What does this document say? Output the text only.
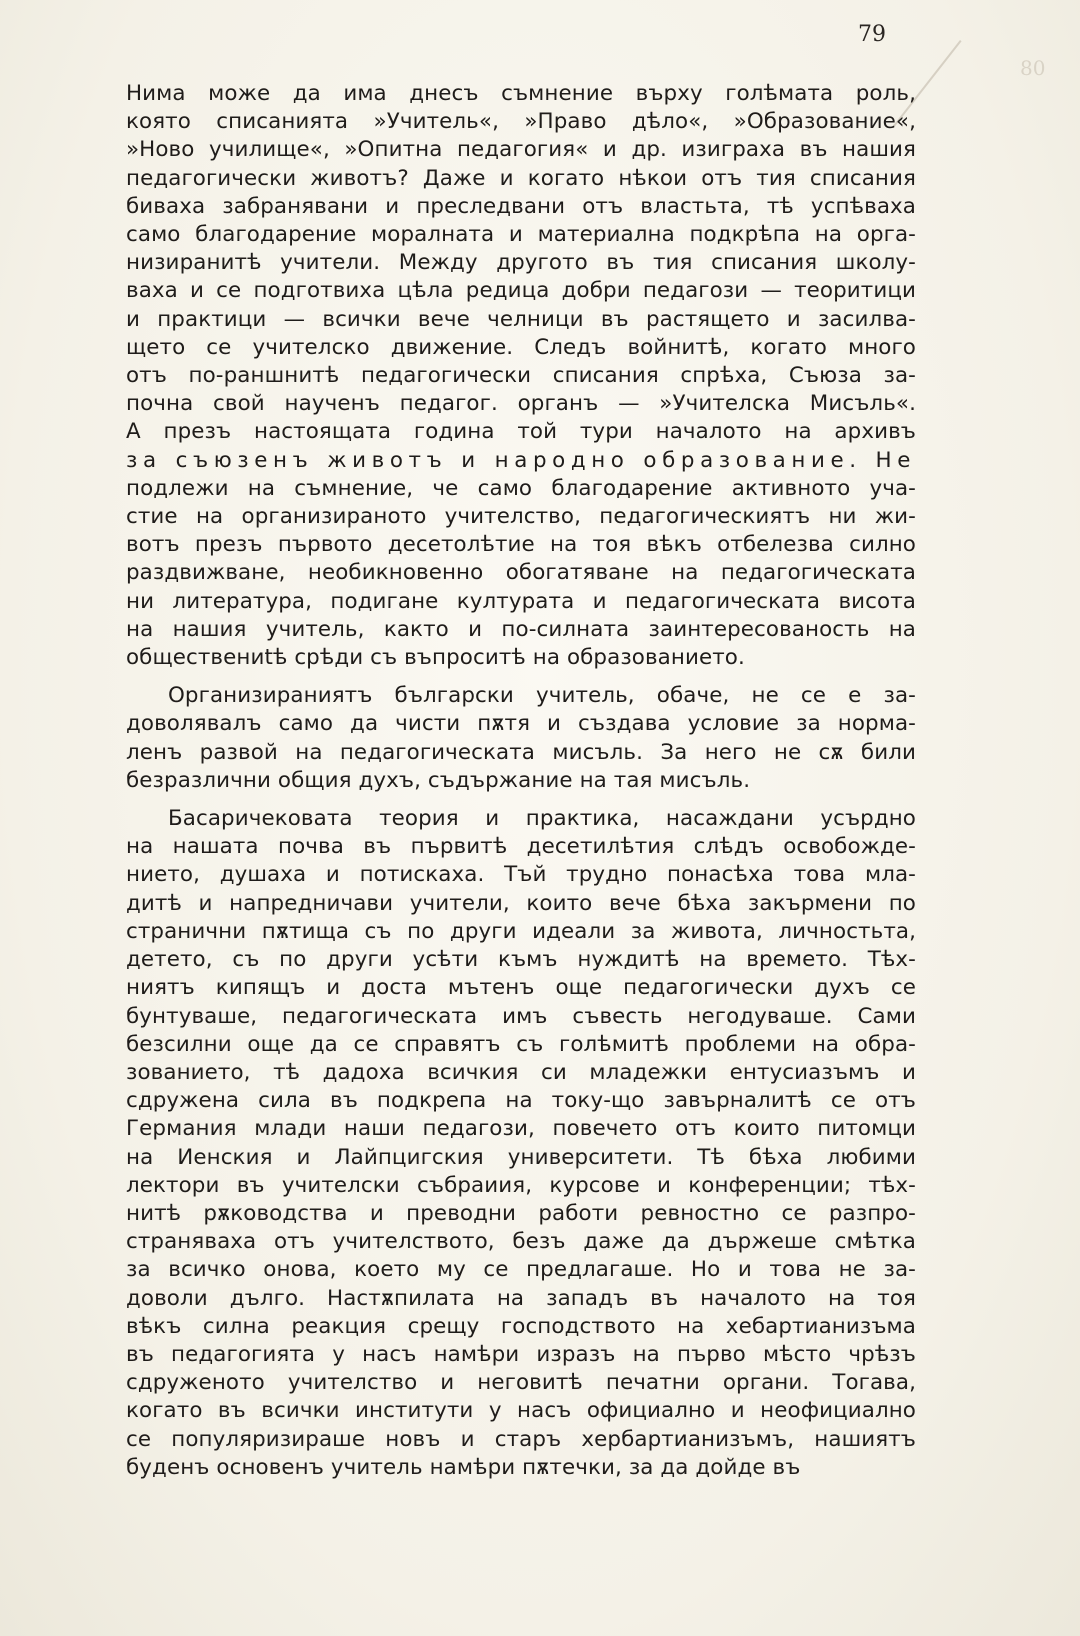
80
79

Нима може да има днесъ съмнение върху голѣмата роль,
която списанията »Учитель«, »Право дѣло«, »Образование«,
»Ново училище«, »Опитна педагогия« и др. изиграха въ нашия
педагогически животъ? Даже и когато нѣкои отъ тия списания
биваха забранявани и преследвани отъ властьта, тѣ успѣваха
само благодарение моралната и материална подкрѣпа на орга-
низиранитѣ учители. Между другото въ тия списания школу-
ваха и се подготвиха цѣла редица добри педагози — теоритици
и практици — всички вече челници въ растящето и засилва-
щето се учителско движение. Следъ войнитѣ, когато много
отъ по-раншнитѣ педагогически списания спрѣха, Съюза за-
почна свой наученъ педагог. органъ — »Учителска Мисъль«.
А презъ настоящата година той тури началото на архивъ
за съюзенъ животъ и народно образование. Не
подлежи на съмнение, че само благодарение активното уча-
стие на организираното учителство, педагогическиятъ ни жи-
вотъ презъ първото десетолѣтие на тоя вѣкъ отбелезва силно
раздвижване, необикновенно обогатяване на педагогическата
ни литература, подигане културата и педагогическата висота
на нашия учитель, както и по-силната заинтересованость на
обществениtѣ срѣди съ въпроситѣ на образованието.

Организираниятъ български учитель, обаче, не се е за-
доволявалъ само да чисти пѫтя и създава условие за норма-
ленъ развой на педагогическата мисъль. За него не сѫ били
безразлични общия духъ, съдържание на тая мисъль.

Басаричековата теория и практика, насаждани усърдно
на нашата почва въ първитѣ десетилѣтия слѣдъ освобожде-
нието, душаха и потискаха. Тъй трудно понасѣха това мла-
дитѣ и напредничави учители, които вече бѣха закърмени по
странични пѫтища съ по други идеали за живота, личностьта,
детето, съ по други усѣти къмъ нуждитѣ на времето. Тѣх-
ниятъ кипящъ и доста мътенъ още педагогически духъ се
бунтуваше, педагогическата имъ съвесть негодуваше. Сами
безсилни още да се справятъ съ голѣмитѣ проблеми на обра-
зованието, тѣ дадоха всичкия си младежки ентусиазъмъ и
сдружена сила въ подкрепа на току-що завърналитѣ се отъ
Германия млади наши педагози, повечето отъ които питомци
на Иенския и Лайпцигския университети. Тѣ бѣха любими
лектори въ учителски събраиия, курсове и конференции; тѣх-
нитѣ рѫководства и преводни работи ревностно се разпро-
страняваха отъ учителството, безъ даже да държеше смѣтка
за всичко онова, което му се предлагаше. Но и това не за-
доволи дълго. Настѫпилата на западъ въ началото на тоя
вѣкъ силна реакция срещу господството на хебартианизъма
въ педагогията у насъ намѣри изразъ на първо мѣсто чрѣзъ
сдруженото учителство и неговитѣ печатни органи. Тогава,
когато въ всички институти у насъ официално и неофициално
се популяризираше новъ и старъ хербартианизъмъ, нашиятъ
буденъ основенъ учитель намѣри пѫтечки, за да дойде въ
